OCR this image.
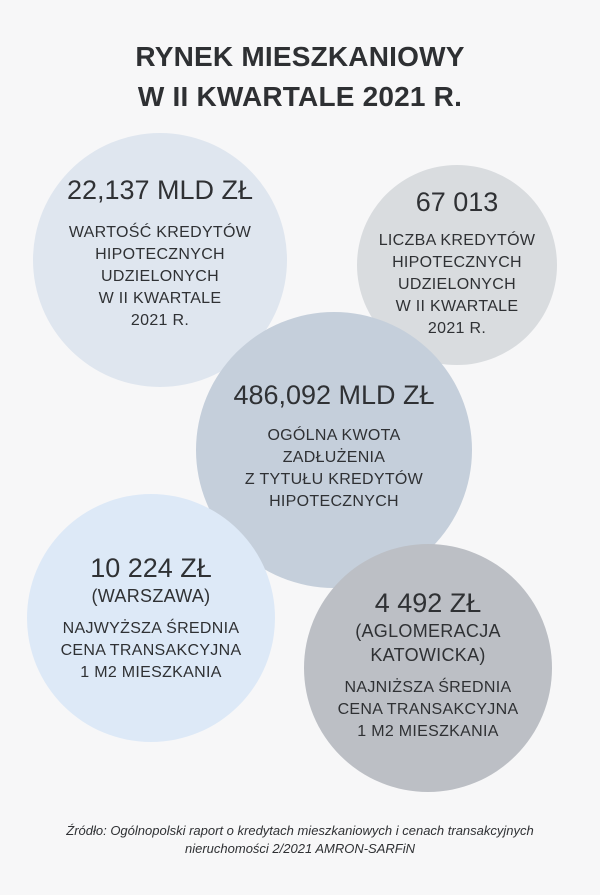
RYNEK MIESZKANIOWY
W II KWARTALE 2021 R.
22,137 MLD ZŁ
WARTOŚĆ KREDYTÓW
HIPOTECZNYCH
UDZIELONYCH
W II KWARTALE
2021 R.
67 013
LICZBA KREDYTÓW
HIPOTECZNYCH
UDZIELONYCH
W II KWARTALE
2021 R.
486,092 MLD ZŁ
OGÓLNA KWOTA
ZADŁUŻENIA
Z TYTUŁU KREDYTÓW
HIPOTECZNYCH
10 224 ZŁ
(WARSZAWA)
NAJWYŻSZA ŚREDNIA
CENA TRANSAKCYJNA
1 M2 MIESZKANIA
4 492 ZŁ
(AGLOMERACJA
KATOWICKA)
NAJNIŻSZA ŚREDNIA
CENA TRANSAKCYJNA
1 M2 MIESZKANIA
Źródło: Ogólnopolski raport o kredytach mieszkaniowych i cenach transakcyjnych
nieruchomości 2/2021 AMRON-SARFiN
